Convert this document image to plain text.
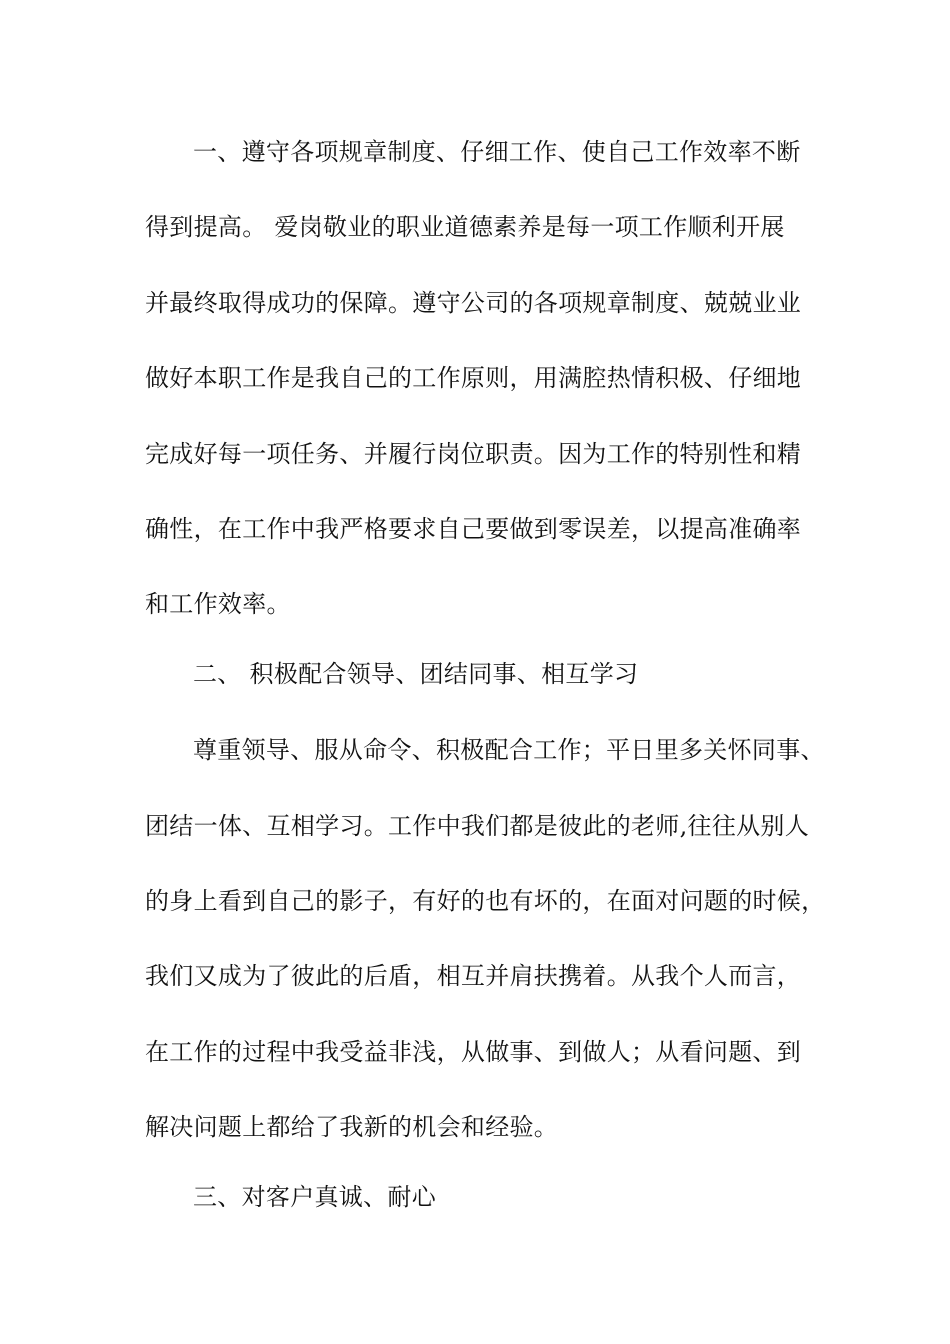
一、遵守各项规章制度、仔细工作、使自己工作效率不断
得到提高。 爱岗敬业的职业道德素养是每一项工作顺利开展
并最终取得成功的保障。遵守公司的各项规章制度、兢兢业业
做好本职工作是我自己的工作原则，用满腔热情积极、仔细地
完成好每一项任务、并履行岗位职责。因为工作的特别性和精
确性，在工作中我严格要求自己要做到零误差，以提高准确率
和工作效率。
二、 积极配合领导、团结同事、相互学习
尊重领导、服从命令、积极配合工作；平日里多关怀同事、
团结一体、互相学习。工作中我们都是彼此的老师,往往从别人
的身上看到自己的影子，有好的也有坏的，在面对问题的时候，
我们又成为了彼此的后盾，相互并肩扶携着。从我个人而言，
在工作的过程中我受益非浅，从做事、到做人；从看问题、到
解决问题上都给了我新的机会和经验。
三、对客户真诚、耐心
